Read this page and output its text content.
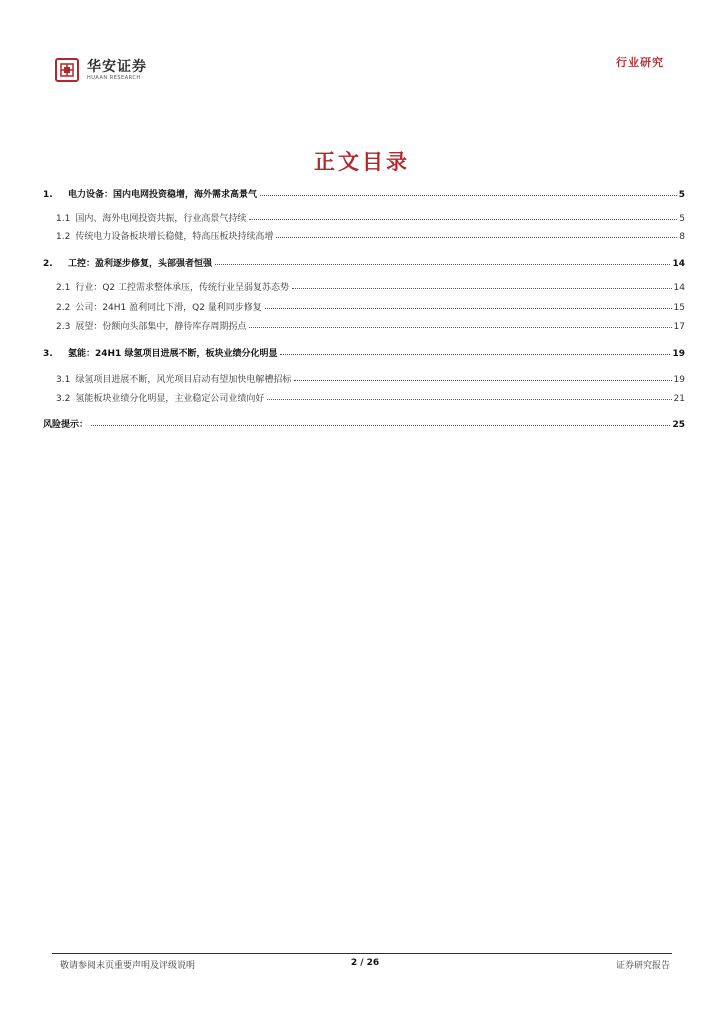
华安证券
HUAAN RESEARCH
行业研究
正文目录
1.	电力设备：国内电网投资稳增，海外需求高景气	5
1.1 国内、海外电网投资共振，行业高景气持续	5
1.2 传统电力设备板块增长稳健，特高压板块持续高增	8
2.	工控：盈利逐步修复，头部强者恒强	14
2.1 行业：Q2 工控需求整体承压，传统行业呈弱复苏态势	14
2.2 公司：24H1 盈利同比下滑，Q2 量利同步修复	15
2.3 展望：份额向头部集中，静待库存周期拐点	17
3.	氢能：24H1 绿氢项目进展不断，板块业绩分化明显	19
3.1 绿氢项目进展不断，风光项目启动有望加快电解槽招标	19
3.2 氢能板块业绩分化明显，主业稳定公司业绩向好	21
风险提示：	25
敬请参阅末页重要声明及评级说明	2 / 26	证券研究报告
